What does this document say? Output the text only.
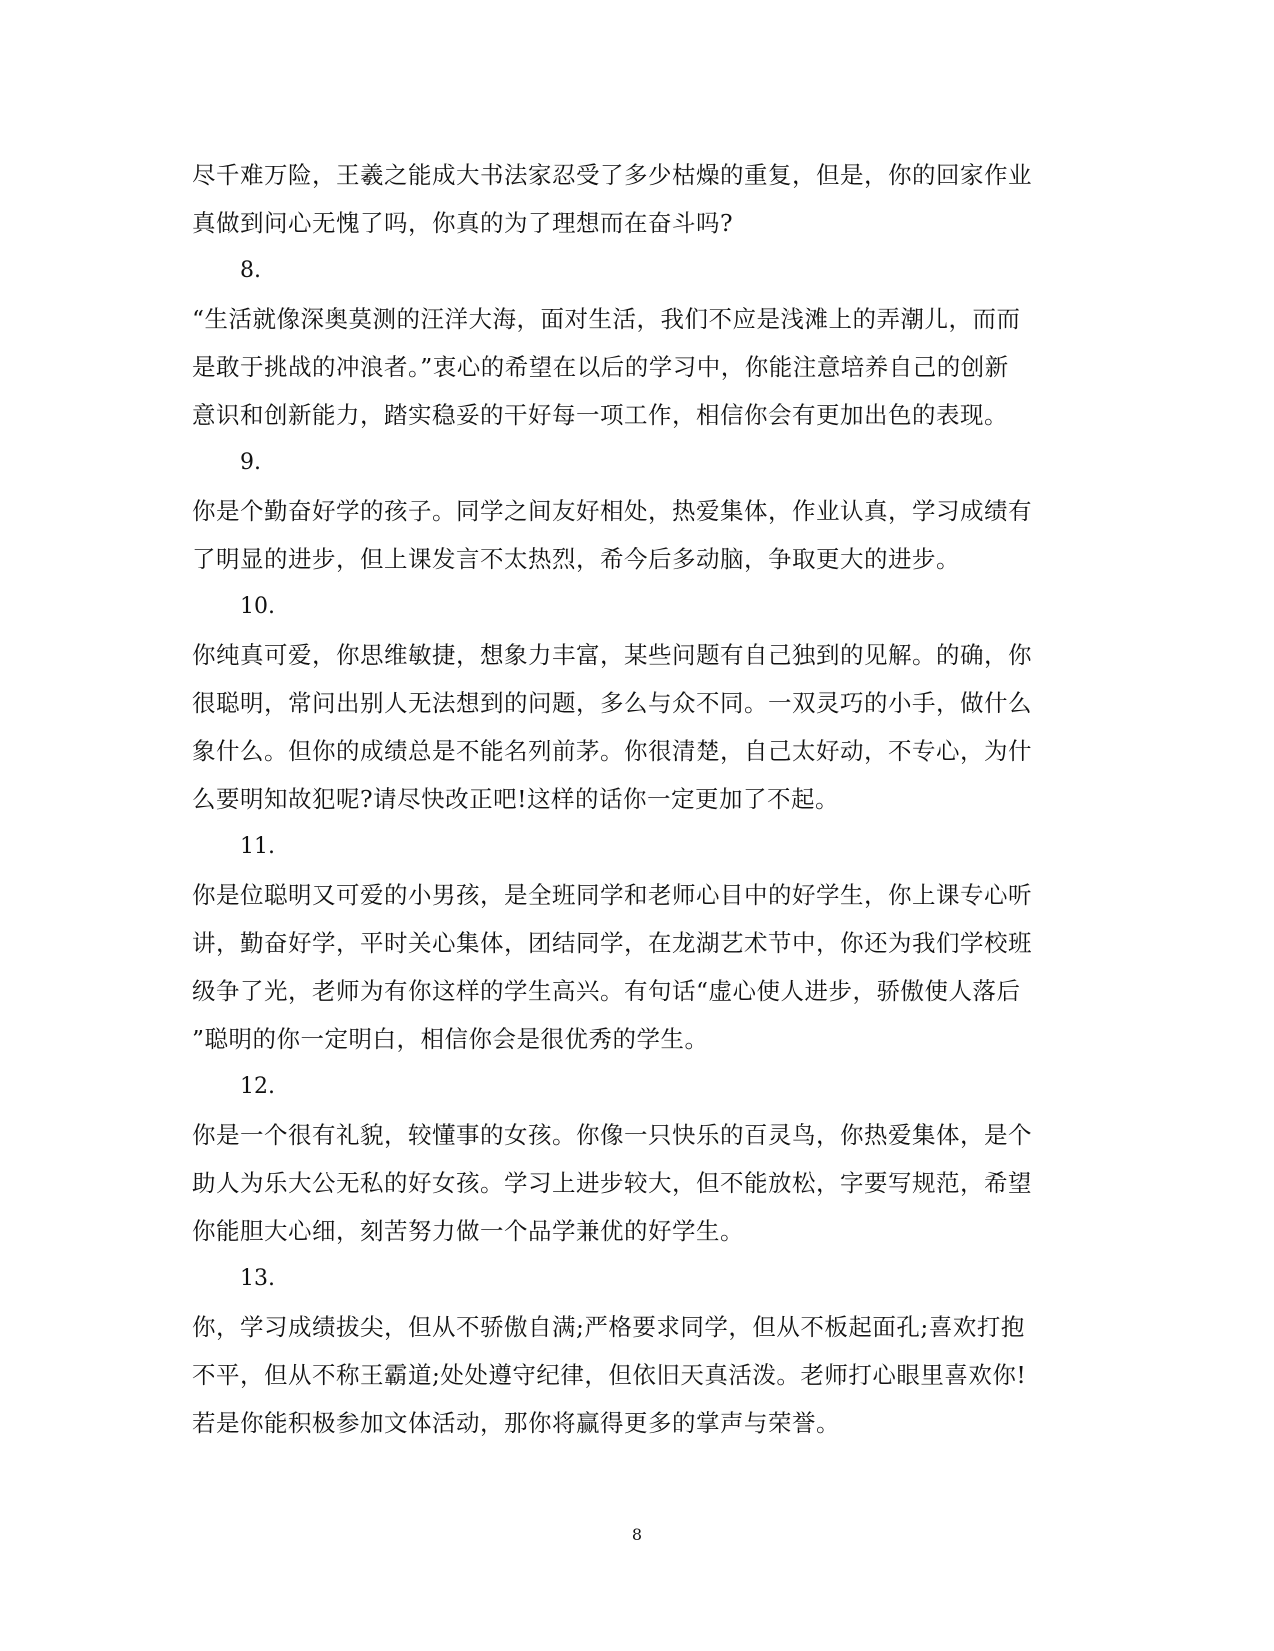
尽千难万险，王羲之能成大书法家忍受了多少枯燥的重复，但是，你的回家作业
真做到问心无愧了吗，你真的为了理想而在奋斗吗?

8.

“生活就像深奥莫测的汪洋大海，面对生活，我们不应是浅滩上的弄潮儿，而而
是敢于挑战的冲浪者。”衷心的希望在以后的学习中，你能注意培养自己的创新
意识和创新能力，踏实稳妥的干好每一项工作，相信你会有更加出色的表现。

9.

你是个勤奋好学的孩子。同学之间友好相处，热爱集体，作业认真，学习成绩有
了明显的进步，但上课发言不太热烈，希今后多动脑，争取更大的进步。

10.

你纯真可爱，你思维敏捷，想象力丰富，某些问题有自己独到的见解。的确，你
很聪明，常问出别人无法想到的问题，多么与众不同。一双灵巧的小手，做什么
象什么。但你的成绩总是不能名列前茅。你很清楚，自己太好动，不专心，为什
么要明知故犯呢?请尽快改正吧!这样的话你一定更加了不起。

11.

你是位聪明又可爱的小男孩，是全班同学和老师心目中的好学生，你上课专心听
讲，勤奋好学，平时关心集体，团结同学，在龙湖艺术节中，你还为我们学校班
级争了光，老师为有你这样的学生高兴。有句话“虚心使人进步，骄傲使人落后
”聪明的你一定明白，相信你会是很优秀的学生。

12.

你是一个很有礼貌，较懂事的女孩。你像一只快乐的百灵鸟，你热爱集体，是个
助人为乐大公无私的好女孩。学习上进步较大，但不能放松，字要写规范，希望
你能胆大心细，刻苦努力做一个品学兼优的好学生。

13.

你，学习成绩拔尖，但从不骄傲自满;严格要求同学，但从不板起面孔;喜欢打抱
不平，但从不称王霸道;处处遵守纪律，但依旧天真活泼。老师打心眼里喜欢你!
若是你能积极参加文体活动，那你将赢得更多的掌声与荣誉。

8
